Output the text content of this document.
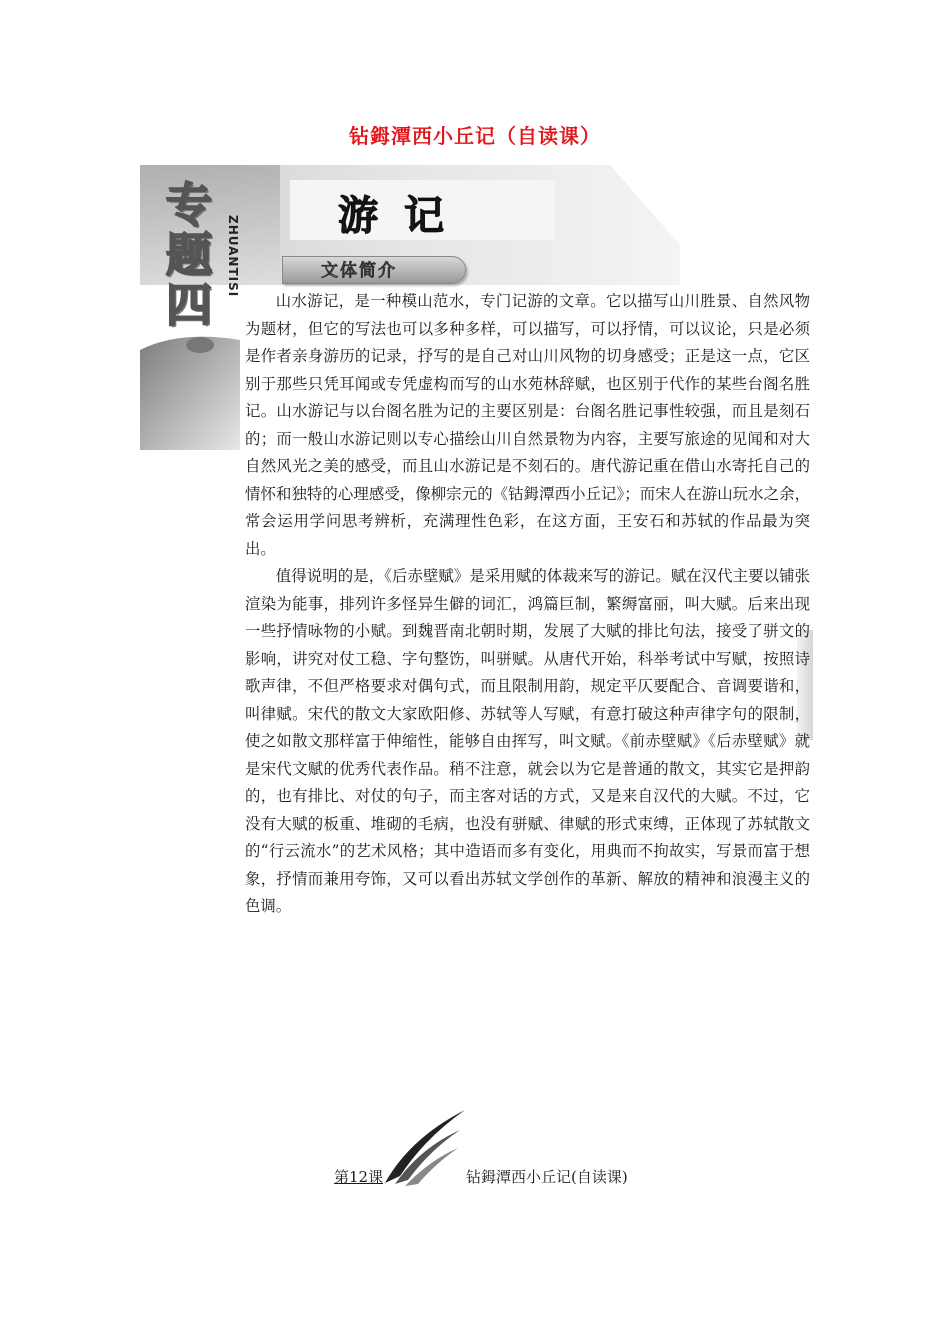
钻鉧潭西小丘记（自读课）
专
题
四
ZHUANTISI 游记
文体简介

山水游记，是一种模山范水，专门记游的文章。它以描写山川胜景、自然风物为题材，但它的写法也可以多种多样，可以描写，可以抒情，可以议论，只是必须是作者亲身游历的记录，抒写的是自己对山川风物的切身感受；正是这一点，它区别于那些只凭耳闻或专凭虚构而写的山水苑林辞赋，也区别于代作的某些台阁名胜记。山水游记与以台阁名胜为记的主要区别是：台阁名胜记事性较强，而且是刻石的；而一般山水游记则以专心描绘山川自然景物为内容，主要写旅途的见闻和对大自然风光之美的感受，而且山水游记是不刻石的。唐代游记重在借山水寄托自己的情怀和独特的心理感受，像柳宗元的《钴鉧潭西小丘记》；而宋人在游山玩水之余，常会运用学问思考辨析，充满理性色彩，在这方面，王安石和苏轼的作品最为突出。

值得说明的是，《后赤壁赋》是采用赋的体裁来写的游记。赋在汉代主要以铺张渲染为能事，排列许多怪异生僻的词汇，鸿篇巨制，繁缛富丽，叫大赋。后来出现一些抒情咏物的小赋。到魏晋南北朝时期，发展了大赋的排比句法，接受了骈文的影响，讲究对仗工稳、字句整饬，叫骈赋。从唐代开始，科举考试中写赋，按照诗歌声律，不但严格要求对偶句式，而且限制用韵，规定平仄要配合、音调要谐和，叫律赋。宋代的散文大家欧阳修、苏轼等人写赋，有意打破这种声律字句的限制，使之如散文那样富于伸缩性，能够自由挥写，叫文赋。《前赤壁赋》《后赤壁赋》就是宋代文赋的优秀代表作品。稍不注意，就会以为它是普通的散文，其实它是押韵的，也有排比、对仗的句子，而主客对话的方式，又是来自汉代的大赋。不过，它没有大赋的板重、堆砌的毛病，也没有骈赋、律赋的形式束缚，正体现了苏轼散文的“行云流水”的艺术风格；其中造语而多有变化，用典而不拘故实，写景而富于想象，抒情而兼用夸饰，又可以看出苏轼文学创作的革新、解放的精神和浪漫主义的色调。

第12课	钻鉧潭西小丘记(自读课)
